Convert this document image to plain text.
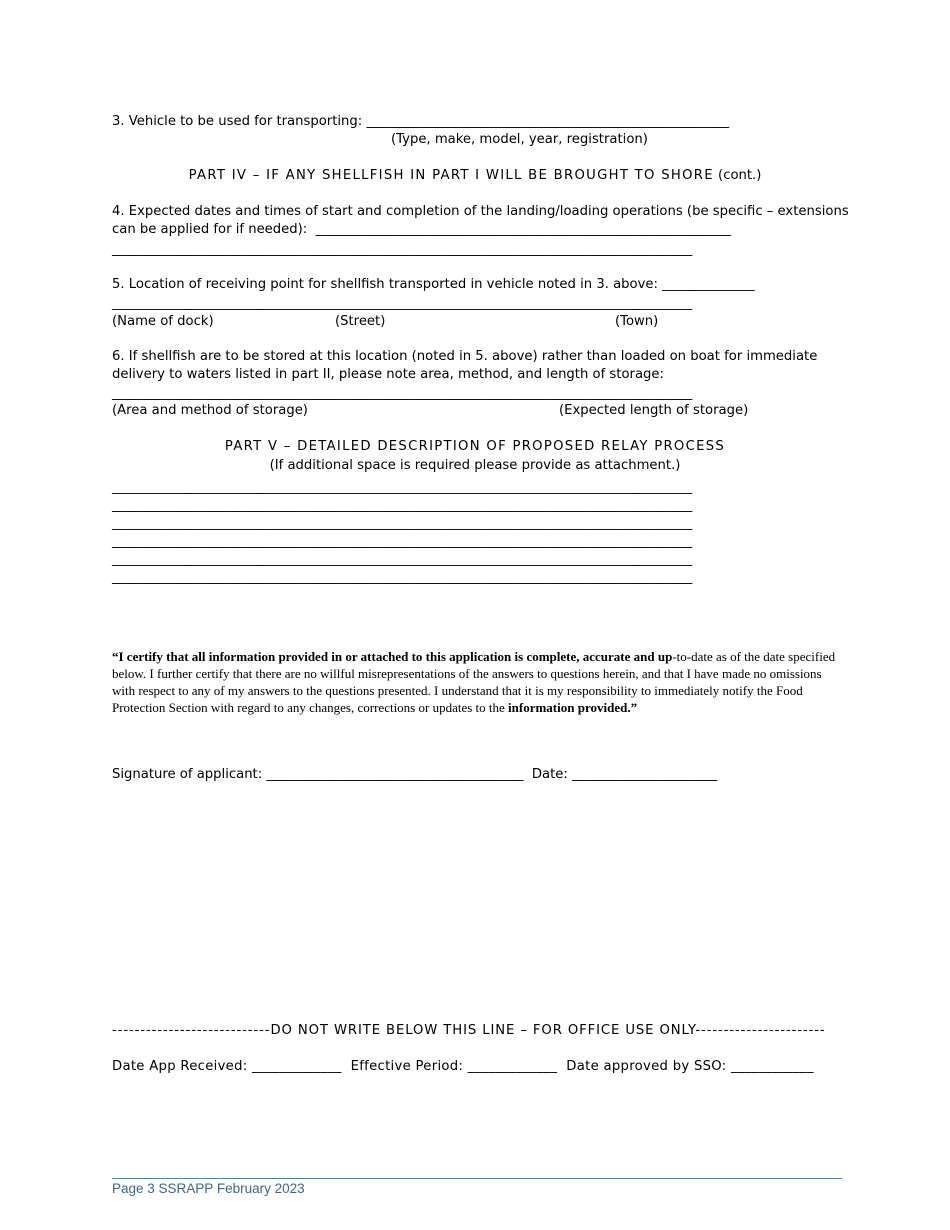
3. Vehicle to be used for transporting: _______________________________________________________
(Type, make, model, year, registration)
PART IV – IF ANY SHELLFISH IN PART I WILL BE BROUGHT TO SHORE (cont.)
4. Expected dates and times of start and completion of the landing/loading operations (be specific – extensions
can be applied for if needed):  _______________________________________________________________
________________________________________________________________________________________
5. Location of receiving point for shellfish transported in vehicle noted in 3. above: ______________
________________________________________________________________________________________
(Name of dock)	(Street)	(Town)
6. If shellfish are to be stored at this location (noted in 5. above) rather than loaded on boat for immediate
delivery to waters listed in part II, please note area, method, and length of storage:
________________________________________________________________________________________
(Area and method of storage)	(Expected length of storage)
PART V – DETAILED DESCRIPTION OF PROPOSED RELAY PROCESS
(If additional space is required please provide as attachment.)
________________________________________________________________________________________
________________________________________________________________________________________
________________________________________________________________________________________
________________________________________________________________________________________
________________________________________________________________________________________
________________________________________________________________________________________
“I certify that all information provided in or attached to this application is complete, accurate and up-to-date as of the date specified below. I further certify that there are no willful misrepresentations of the answers to questions herein, and that I have made no omissions with respect to any of my answers to the questions presented. I understand that it is my responsibility to immediately notify the Food Protection Section with regard to any changes, corrections or updates to the information provided.”
Signature of applicant: _______________________________________  Date: ______________________
----------------------------DO NOT WRITE BELOW THIS LINE – FOR OFFICE USE ONLY-----------------------
Date App Received: _____________  Effective Period: _____________  Date approved by SSO: ____________
Page 3 SSRAPP February 2023
